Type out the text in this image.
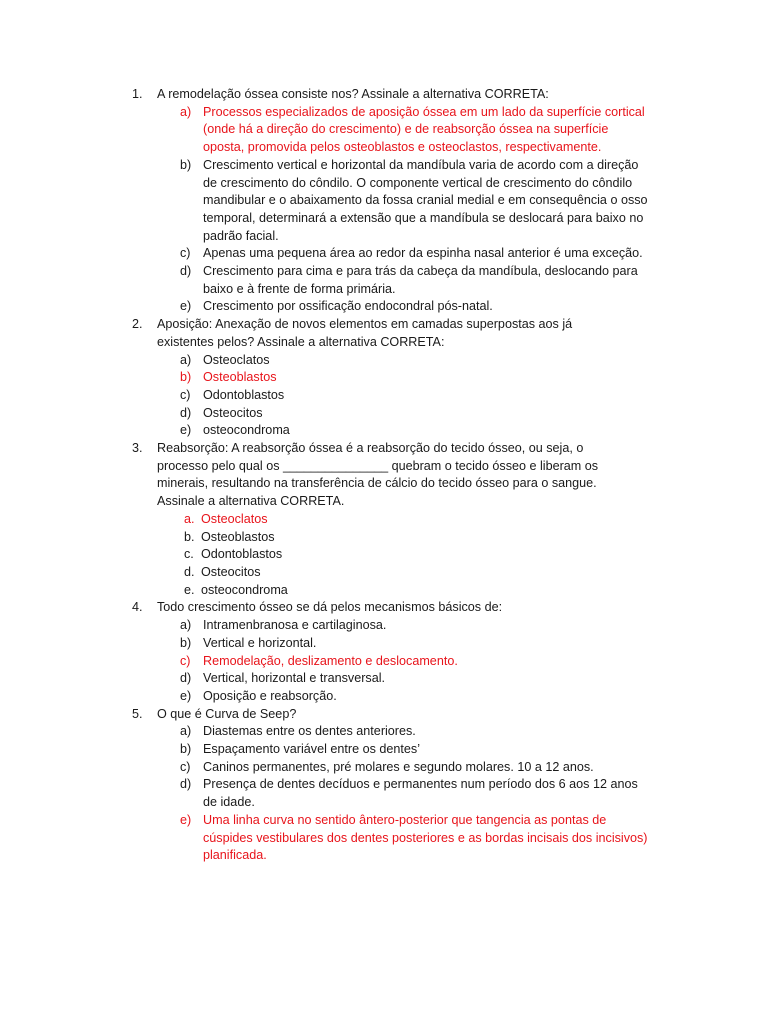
1.	A remodelação óssea consiste nos? Assinale a alternativa CORRETA:
a) Processos especializados de aposição óssea em um lado da superfície cortical (onde há a direção do crescimento) e de reabsorção óssea na superfície oposta, promovida pelos osteoblastos e osteoclastos, respectivamente.
b) Crescimento vertical e horizontal da mandíbula varia de acordo com a direção de crescimento do côndilo. O componente vertical de crescimento do côndilo mandibular e o abaixamento da fossa cranial medial e em consequência o osso temporal, determinará a extensão que a mandíbula se deslocará para baixo no padrão facial.
c) Apenas uma pequena área ao redor da espinha nasal anterior é uma exceção.
d) Crescimento para cima e para trás da cabeça da mandíbula, deslocando para baixo e à frente de forma primária.
e) Crescimento por ossificação endocondral pós-natal.
2.	Aposição: Anexação de novos elementos em camadas superpostas aos já existentes pelos? Assinale a alternativa CORRETA:
a) Osteoclatos
b) Osteoblastos
c) Odontoblastos
d) Osteocitos
e) osteocondroma
3.	Reabsorção: A reabsorção óssea é a reabsorção do tecido ósseo, ou seja, o processo pelo qual os _______________ quebram o tecido ósseo e liberam os minerais, resultando na transferência de cálcio do tecido ósseo para o sangue. Assinale a alternativa CORRETA.
a. Osteoclatos
b. Osteoblastos
c. Odontoblastos
d. Osteocitos
e. osteocondroma
4.	Todo crescimento ósseo se dá pelos mecanismos básicos de:
a) Intramenbranosa e cartilaginosa.
b) Vertical e horizontal.
c) Remodelação, deslizamento e deslocamento.
d) Vertical, horizontal e transversal.
e) Oposição e reabsorção.
5.	O que é Curva de Seep?
a) Diastemas entre os dentes anteriores.
b) Espaçamento variável entre os dentes’
c) Caninos permanentes, pré molares e segundo molares. 10 a 12 anos.
d) Presença de dentes decíduos e permanentes num período dos 6 aos 12 anos de idade.
e) Uma linha curva no sentido ântero-posterior que tangencia as pontas de cúspides vestibulares dos dentes posteriores e as bordas incisais dos incisivos) planificada.
